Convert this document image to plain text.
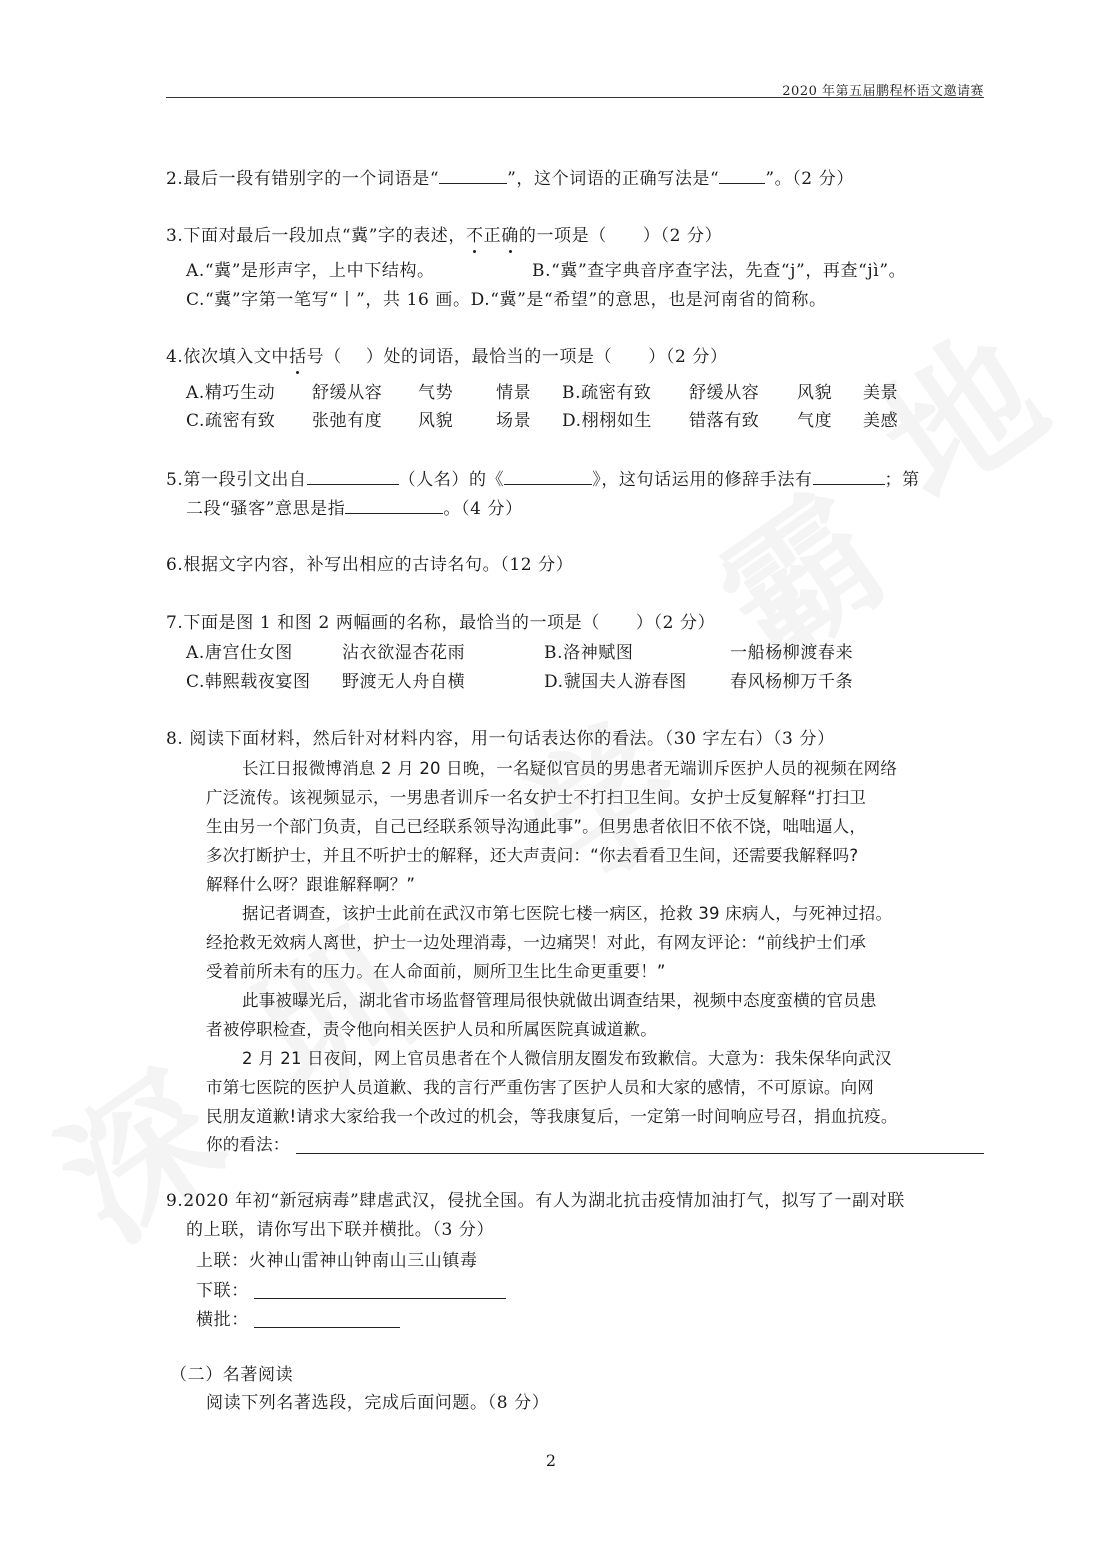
2020 年第五届鹏程杯语文邀请赛
2.最后一段有错别字的一个词语是“	”，这个词语的正确写法是“	”。（2 分）
3.下面对最后一段加点“冀”字的表述，不正确的一项是（      ）（2 分）
A.“冀”是形声字，上中下结构。	B.“冀”查字典音序查字法，先查“j”，再查“jì”。
C.“冀”字第一笔写“丨”，共 16 画。D.“冀”是“希望”的意思，也是河南省的简称。
4.依次填入文中括号（    ）处的词语，最恰当的一项是（      ）（2 分）
A.精巧生动 舒缓从容 气势	情景 B.疏密有致 舒缓从容 风貌 美景
C.疏密有致 张弛有度 风貌	场景 D.栩栩如生 错落有致 气度 美感
5.第一段引文出自	（人名）的《	》，这句话运用的修辞手法有	；第
二段“骚客”意思是指	。（4 分）
6.根据文字内容，补写出相应的古诗名句。（12 分）
7.下面是图 1 和图 2 两幅画的名称，最恰当的一项是（      ）（2 分）
A.唐宫仕女图	沾衣欲湿杏花雨	B.洛神赋图	一船杨柳渡春来
C.韩熙载夜宴图 野渡无人舟自横	D.虢国夫人游春图	春风杨柳万千条
8. 阅读下面材料，然后针对材料内容，用一句话表达你的看法。（30 字左右）（3 分）
长江日报微博消息 2 月 20 日晚，一名疑似官员的男患者无端训斥医护人员的视频在网络
广泛流传。该视频显示，一男患者训斥一名女护士不打扫卫生间。女护士反复解释“打扫卫
生由另一个部门负责，自己已经联系领导沟通此事”。但男患者依旧不依不饶，咄咄逼人，
多次打断护士，并且不听护士的解释，还大声责问：“你去看看卫生间，还需要我解释吗?
解释什么呀？跟谁解释啊？”
据记者调查，该护士此前在武汉市第七医院七楼一病区，抢救 39 床病人，与死神过招。
经抢救无效病人离世，护士一边处理消毒，一边痛哭！对此，有网友评论：“前线护士们承
受着前所未有的压力。在人命面前，厕所卫生比生命更重要！”
此事被曝光后，湖北省市场监督管理局很快就做出调查结果，视频中态度蛮横的官员患
者被停职检查，责令他向相关医护人员和所属医院真诚道歉。
2 月 21 日夜间，网上官员患者在个人微信朋友圈发布致歉信。大意为：我朱保华向武汉
市第七医院的医护人员道歉、我的言行严重伤害了医护人员和大家的感情，不可原谅。向网
民朋友道歉!请求大家给我一个改过的机会，等我康复后，一定第一时间响应号召，捐血抗疫。
你的看法：
9.2020 年初“新冠病毒”肆虐武汉，侵扰全国。有人为湖北抗击疫情加油打气，拟写了一副对联
的上联，请你写出下联并横批。（3 分）
上联：火神山雷神山钟南山三山镇毒
下联：
横批：
（二）名著阅读
阅读下列名著选段，完成后面问题。（8 分）
2
